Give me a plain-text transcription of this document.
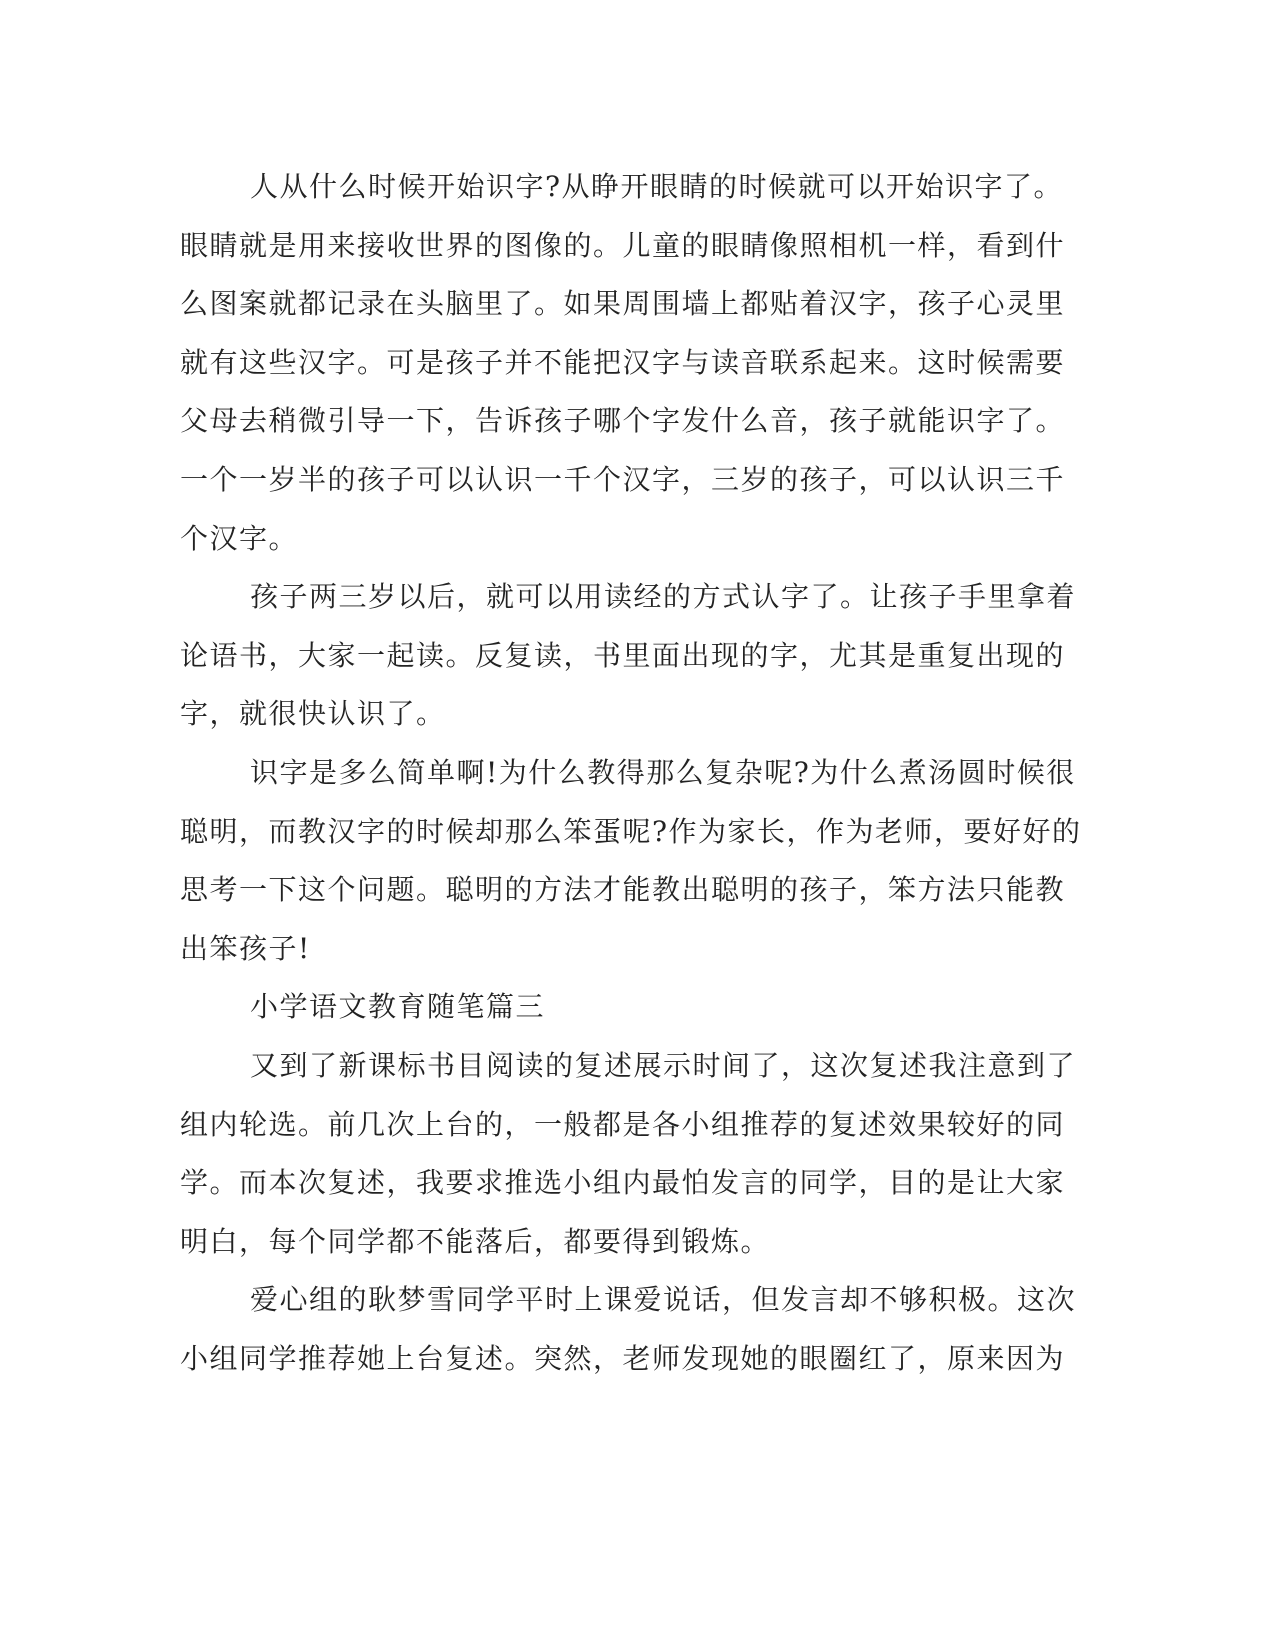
人从什么时候开始识字?从睁开眼睛的时候就可以开始识字了。
眼睛就是用来接收世界的图像的。儿童的眼睛像照相机一样，看到什
么图案就都记录在头脑里了。如果周围墙上都贴着汉字，孩子心灵里
就有这些汉字。可是孩子并不能把汉字与读音联系起来。这时候需要
父母去稍微引导一下，告诉孩子哪个字发什么音，孩子就能识字了。
一个一岁半的孩子可以认识一千个汉字，三岁的孩子，可以认识三千
个汉字。
孩子两三岁以后，就可以用读经的方式认字了。让孩子手里拿着
论语书，大家一起读。反复读，书里面出现的字，尤其是重复出现的
字，就很快认识了。
识字是多么简单啊!为什么教得那么复杂呢?为什么煮汤圆时候很
聪明，而教汉字的时候却那么笨蛋呢?作为家长，作为老师，要好好的
思考一下这个问题。聪明的方法才能教出聪明的孩子，笨方法只能教
出笨孩子!
小学语文教育随笔篇三
又到了新课标书目阅读的复述展示时间了，这次复述我注意到了
组内轮选。前几次上台的，一般都是各小组推荐的复述效果较好的同
学。而本次复述，我要求推选小组内最怕发言的同学，目的是让大家
明白，每个同学都不能落后，都要得到锻炼。
爱心组的耿梦雪同学平时上课爱说话，但发言却不够积极。这次
小组同学推荐她上台复述。突然，老师发现她的眼圈红了，原来因为
